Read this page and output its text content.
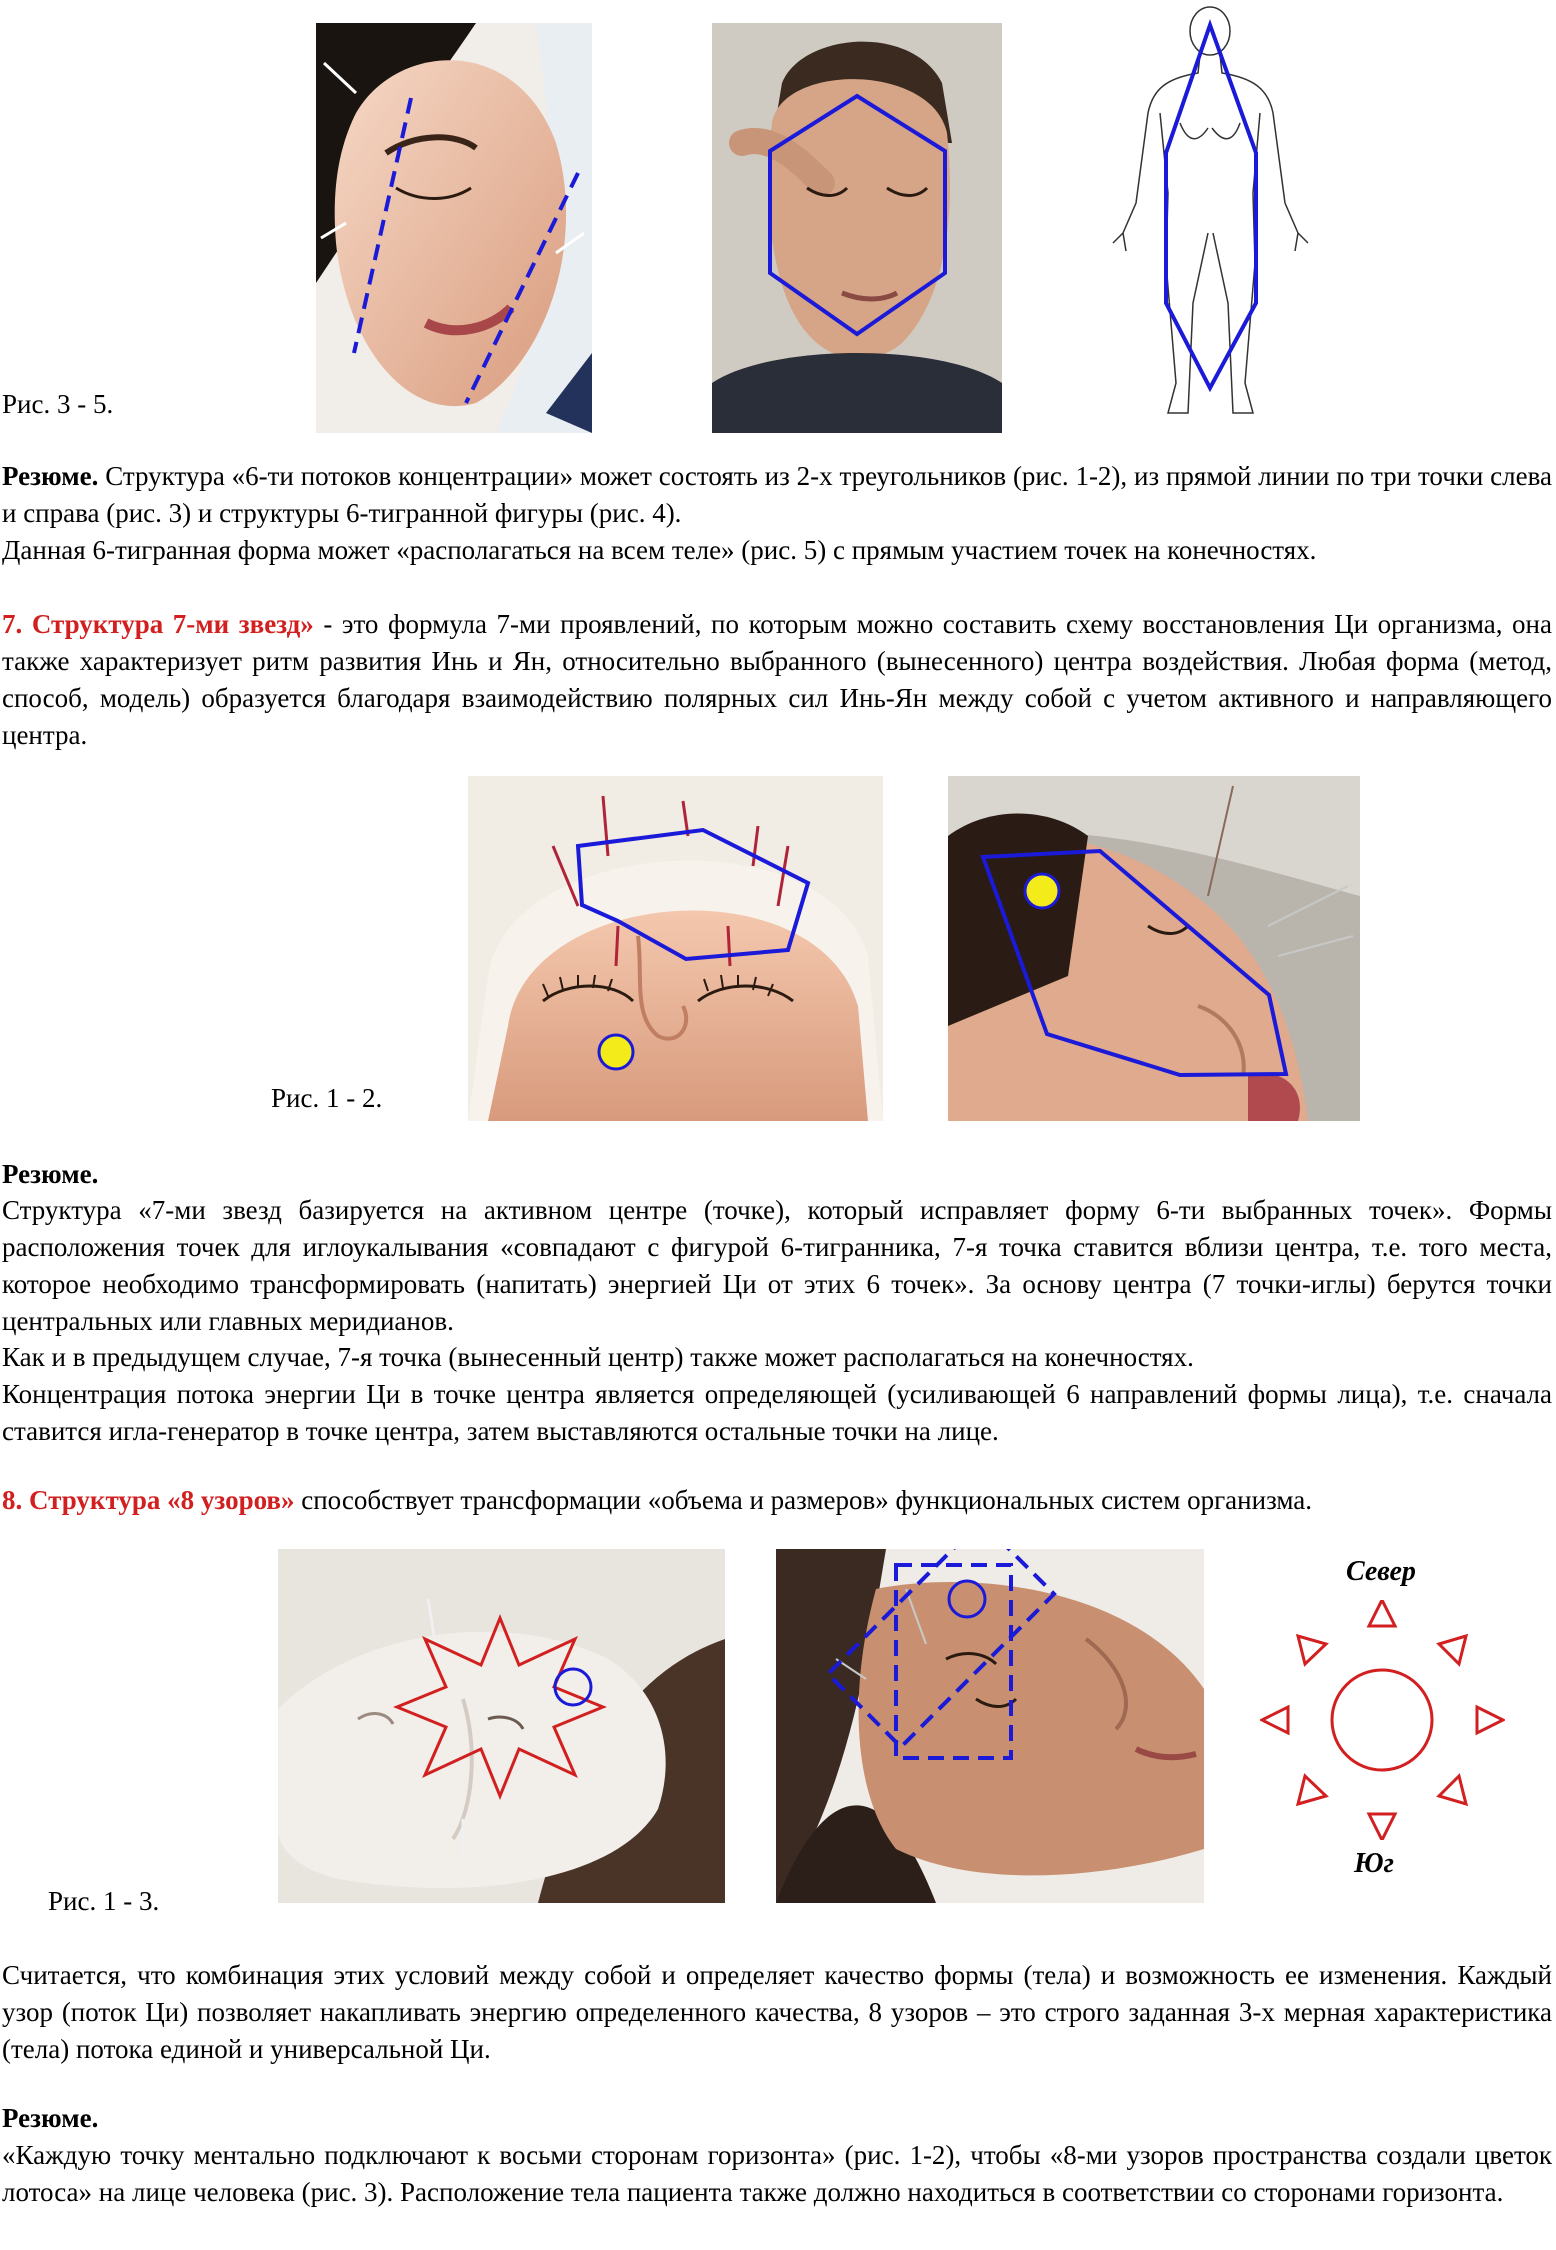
Рис. 3 - 5.

Резюме. Структура «6-ти потоков концентрации» может состоять из 2-х треугольников (рис. 1-2), из прямой линии по три точки слева и справа (рис. 3) и структуры 6-тигранной фигуры (рис. 4).

Данная 6-тигранная форма может «располагаться на всем теле» (рис. 5) с прямым участием точек на конечностях.

7. Структура 7-ми звезд» - это формула 7-ми проявлений, по которым можно составить схему восстановления Ци организма, она также характеризует ритм развития Инь и Ян, относительно выбранного (вынесенного) центра воздействия. Любая форма (метод, способ, модель) образуется благодаря взаимодействию полярных сил Инь-Ян между собой с учетом активного и направляющего центра.

Рис. 1 - 2.

Резюме.

Структура «7-ми звезд базируется на активном центре (точке), который исправляет форму 6-ти выбранных точек». Формы расположения точек для иглоукалывания «совпадают с фигурой 6-тигранника, 7-я точка ставится вблизи центра, т.е. того места, которое необходимо трансформировать (напитать) энергией Ци от этих 6 точек». За основу центра (7 точки-иглы) берутся точки центральных или главных меридианов.

Как и в предыдущем случае, 7-я точка (вынесенный центр) также может располагаться на конечностях.

Концентрация потока энергии Ци в точке центра является определяющей (усиливающей 6 направлений формы лица), т.е. сначала ставится игла-генератор в точке центра, затем выставляются остальные точки на лице.

8. Структура «8 узоров» способствует трансформации «объема и размеров» функциональных систем организма.

Север
Юг
Рис. 1 - 3.

Считается, что комбинация этих условий между собой и определяет качество формы (тела) и возможность ее изменения. Каждый узор (поток Ци) позволяет накапливать энергию определенного качества, 8 узоров – это строго заданная 3-х мерная характеристика (тела) потока единой и универсальной Ци.

Резюме.

«Каждую точку ментально подключают к восьми сторонам горизонта» (рис. 1-2), чтобы «8-ми узоров пространства создали цветок лотоса» на лице человека (рис. 3). Расположение тела пациента также должно находиться в соответствии со сторонами горизонта.
